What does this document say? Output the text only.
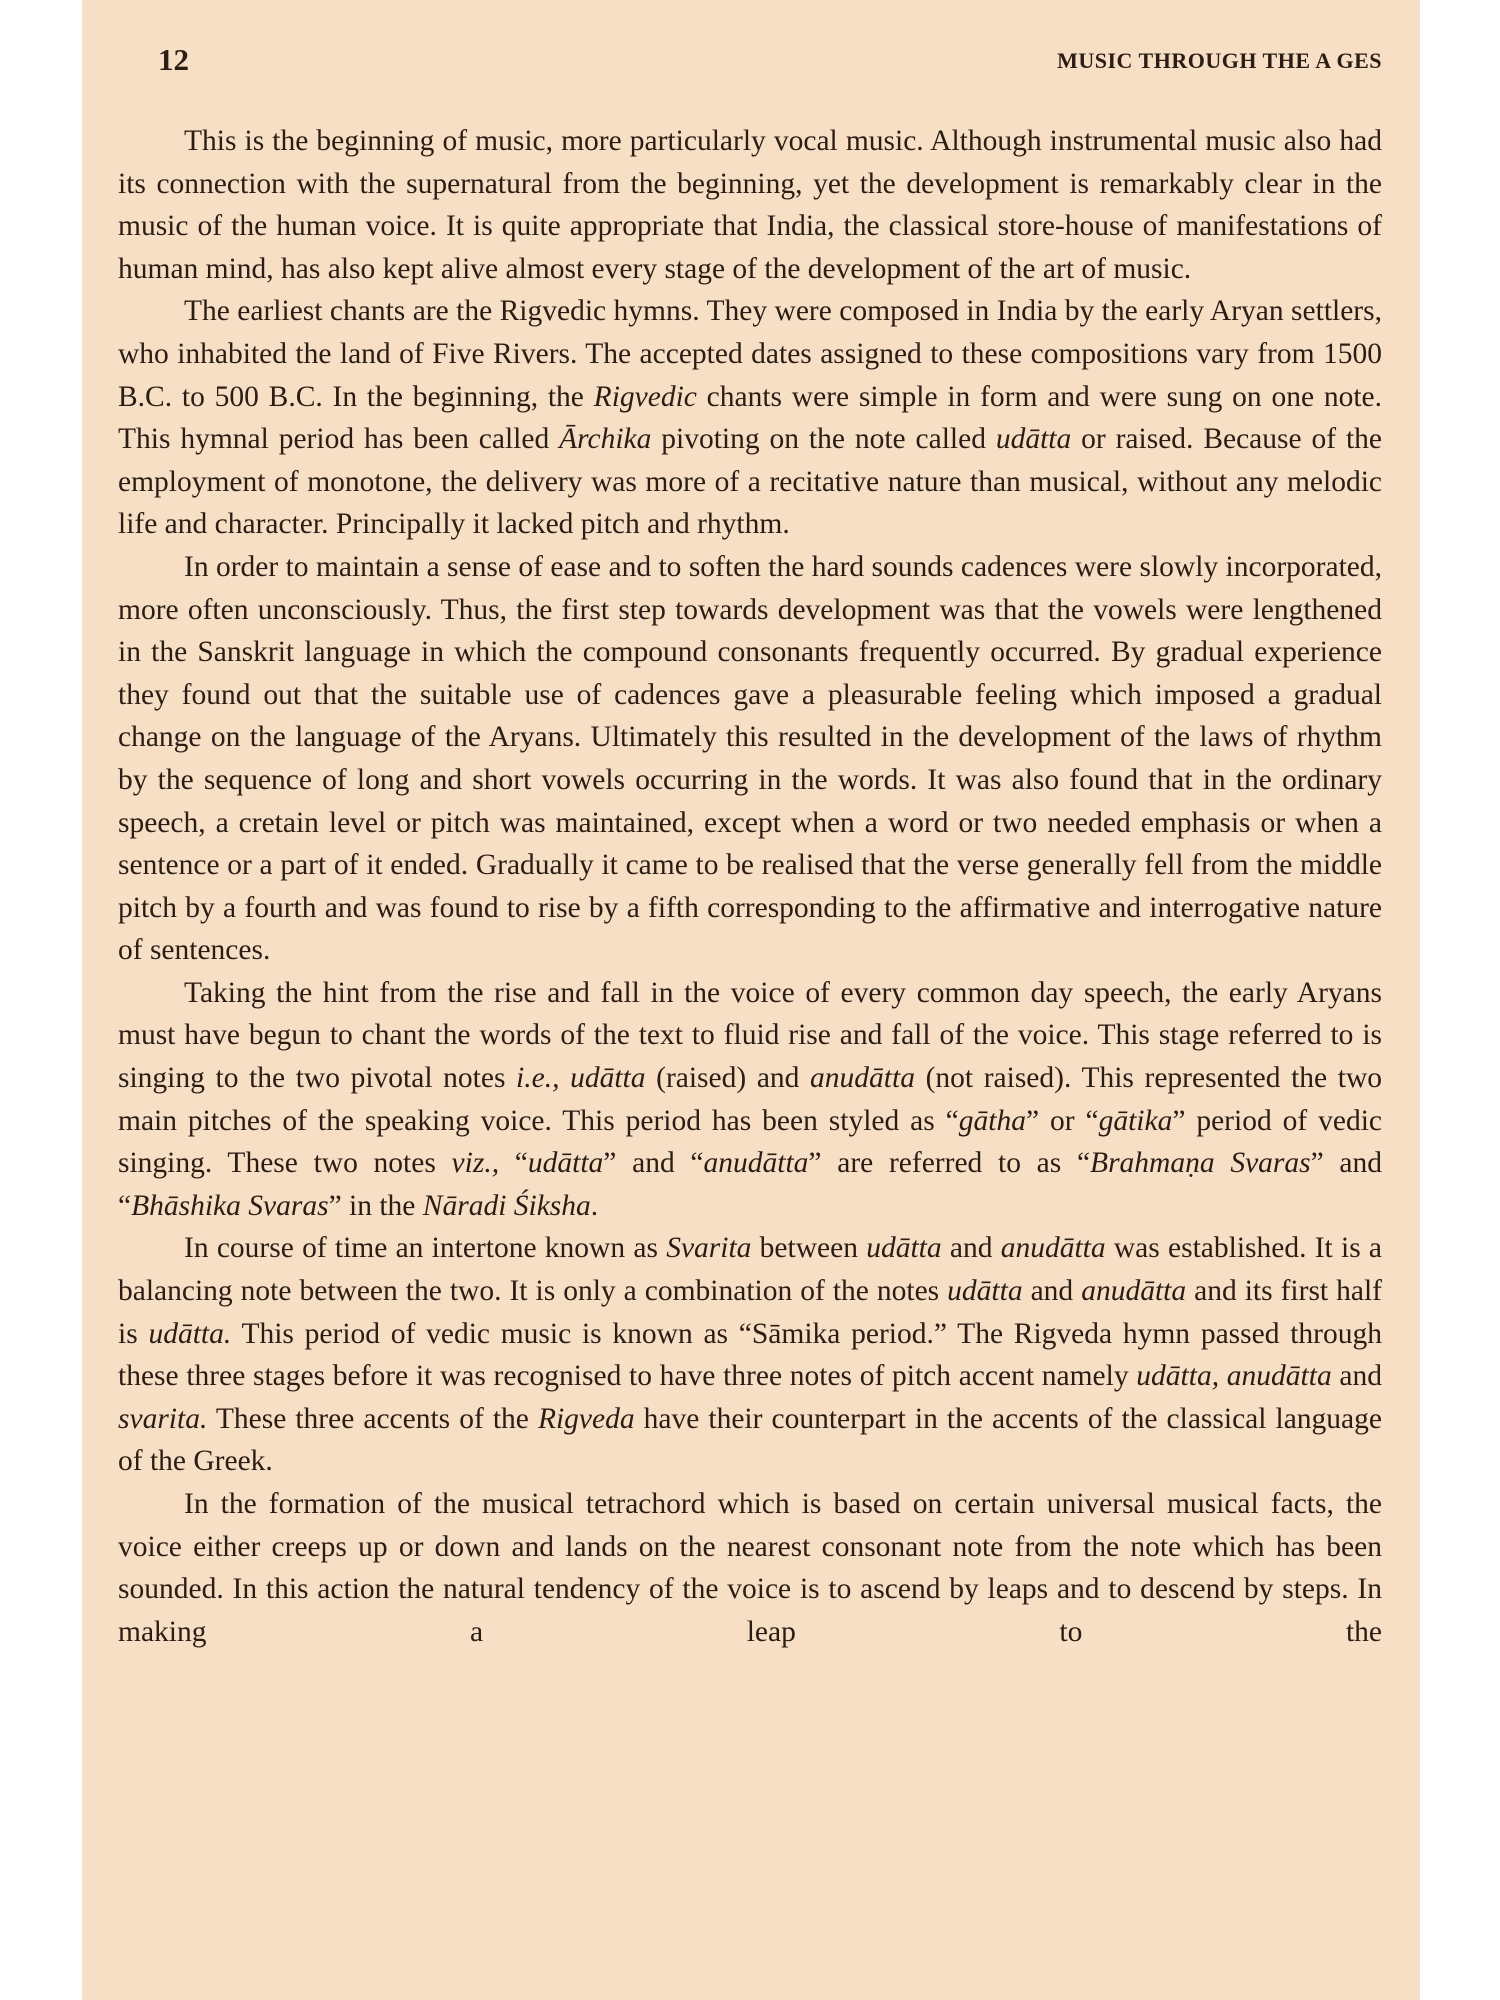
12	MUSIC THROUGH THE A GES

This is the beginning of music, more particularly vocal music. Although instrumental music also had its connection with the supernatural from the beginning, yet the development is remarkably clear in the music of the human voice. It is quite appropriate that India, the classical store-house of manifestations of human mind, has also kept alive almost every stage of the development of the art of music.

The earliest chants are the Rigvedic hymns. They were composed in India by the early Aryan settlers, who inhabited the land of Five Rivers. The accepted dates assigned to these compositions vary from 1500 B.C. to 500 B.C. In the beginning, the Rigvedic chants were simple in form and were sung on one note. This hymnal period has been called Ārchika pivoting on the note called udātta or raised. Because of the employment of monotone, the delivery was more of a recitative nature than musical, without any melodic life and character. Principally it lacked pitch and rhythm.

In order to maintain a sense of ease and to soften the hard sounds cadences were slowly incorporated, more often unconsciously. Thus, the first step towards development was that the vowels were lengthened in the Sanskrit language in which the compound consonants frequently occurred. By gradual experience they found out that the suitable use of cadences gave a pleasurable feeling which imposed a gradual change on the language of the Aryans. Ultimately this resulted in the development of the laws of rhythm by the sequence of long and short vowels occurring in the words. It was also found that in the ordinary speech, a cretain level or pitch was maintained, except when a word or two needed emphasis or when a sentence or a part of it ended. Gradually it came to be realised that the verse generally fell from the middle pitch by a fourth and was found to rise by a fifth corresponding to the affirmative and interrogative nature of sentences.

Taking the hint from the rise and fall in the voice of every common day speech, the early Aryans must have begun to chant the words of the text to fluid rise and fall of the voice. This stage referred to is singing to the two pivotal notes i.e., udātta (raised) and anudātta (not raised). This represented the two main pitches of the speaking voice. This period has been styled as “gātha” or “gātika” period of vedic singing. These two notes viz., “udātta” and “anudātta” are referred to as “Brahmaṇa Svaras” and “Bhāshika Svaras” in the Nāradi Śiksha.

In course of time an intertone known as Svarita between udātta and anudātta was established. It is a balancing note between the two. It is only a combination of the notes udātta and anudātta and its first half is udātta. This period of vedic music is known as “Sāmika period.” The Rigveda hymn passed through these three stages before it was recognised to have three notes of pitch accent namely udātta, anudātta and svarita. These three accents of the Rigveda have their counterpart in the accents of the classical language of the Greek.

In the formation of the musical tetrachord which is based on certain universal musical facts, the voice either creeps up or down and lands on the nearest consonant note from the note which has been sounded. In this action the natural tendency of the voice is to ascend by leaps and to descend by steps. In making a leap to the
